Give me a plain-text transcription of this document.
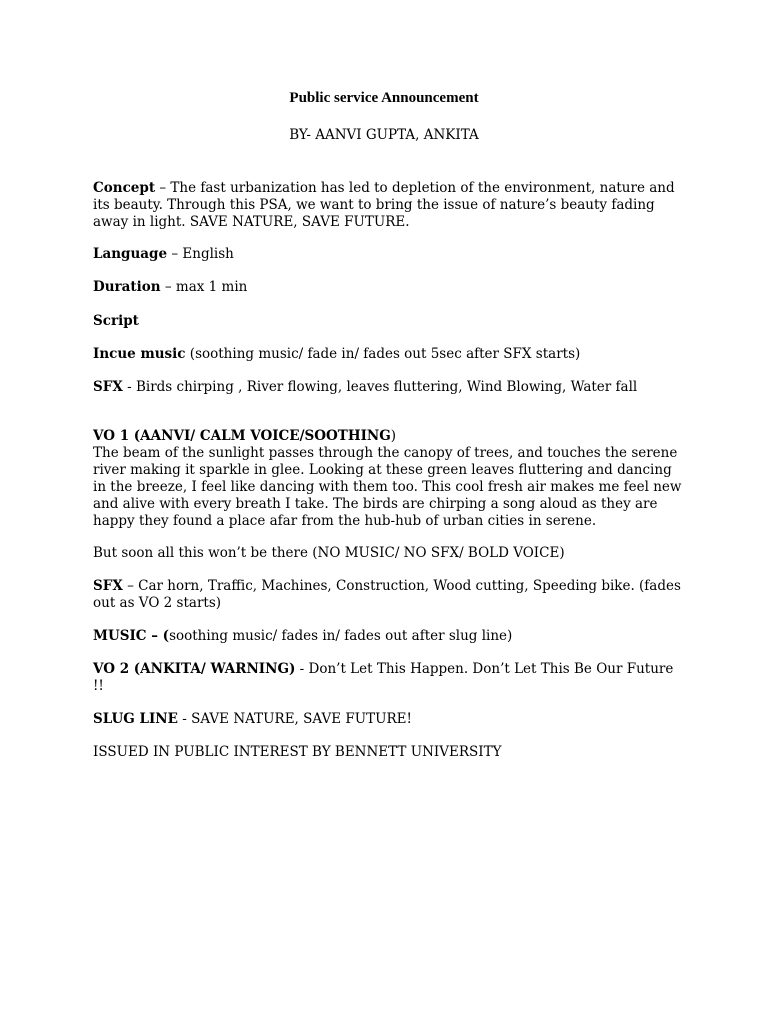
Public service Announcement
BY- AANVI GUPTA, ANKITA

Concept – The fast urbanization has led to depletion of the environment, nature and its beauty. Through this PSA, we want to bring the issue of nature’s beauty fading away in light. SAVE NATURE, SAVE FUTURE.

Language – English

Duration – max 1 min

Script

Incue music (soothing music/ fade in/ fades out 5sec after SFX starts)

SFX - Birds chirping , River flowing, leaves fluttering, Wind Blowing, Water fall

VO 1 (AANVI/ CALM VOICE/SOOTHING)
The beam of the sunlight passes through the canopy of trees, and touches the serene river making it sparkle in glee. Looking at these green leaves fluttering and dancing in the breeze, I feel like dancing with them too. This cool fresh air makes me feel new and alive with every breath I take. The birds are chirping a song aloud as they are happy they found a place afar from the hub-hub of urban cities in serene.

But soon all this won’t be there (NO MUSIC/ NO SFX/ BOLD VOICE)

SFX – Car horn, Traffic, Machines, Construction, Wood cutting, Speeding bike. (fades out as VO 2 starts)

MUSIC – (soothing music/ fades in/ fades out after slug line)

VO 2 (ANKITA/ WARNING) - Don’t Let This Happen. Don’t Let This Be Our Future !!

SLUG LINE - SAVE NATURE, SAVE FUTURE!

ISSUED IN PUBLIC INTEREST BY BENNETT UNIVERSITY
